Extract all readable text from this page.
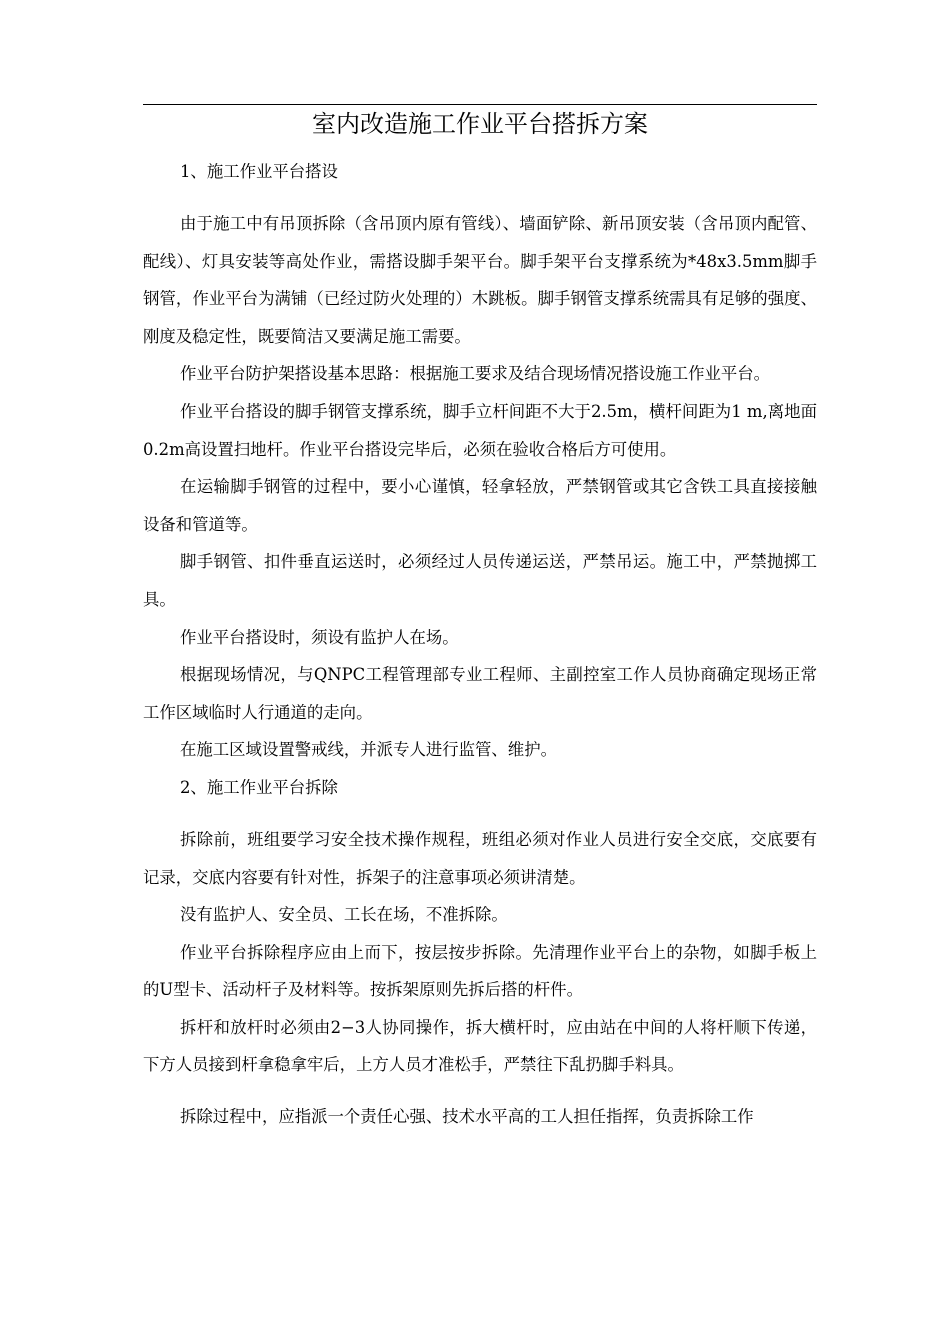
室内改造施工作业平台搭拆方案

1、施工作业平台搭设

由于施工中有吊顶拆除（含吊顶内原有管线）、墙面铲除、新吊顶安装（含吊顶内配管、配线）、灯具安装等高处作业，需搭设脚手架平台。脚手架平台支撑系统为*48x3.5mm脚手钢管，作业平台为满铺（已经过防火处理的）木跳板。脚手钢管支撑系统需具有足够的强度、刚度及稳定性，既要简洁又要满足施工需要。

作业平台防护架搭设基本思路：根据施工要求及结合现场情况搭设施工作业平台。

作业平台搭设的脚手钢管支撑系统，脚手立杆间距不大于2.5m，横杆间距为1 m,离地面0.2m高设置扫地杆。作业平台搭设完毕后，必须在验收合格后方可使用。

在运输脚手钢管的过程中，要小心谨慎，轻拿轻放，严禁钢管或其它含铁工具直接接触设备和管道等。

脚手钢管、扣件垂直运送时，必须经过人员传递运送，严禁吊运。施工中，严禁抛掷工具。

作业平台搭设时，须设有监护人在场。

根据现场情况，与QNPC工程管理部专业工程师、主副控室工作人员协商确定现场正常工作区域临时人行通道的走向。

在施工区域设置警戒线，并派专人进行监管、维护。

2、施工作业平台拆除

拆除前，班组要学习安全技术操作规程，班组必须对作业人员进行安全交底，交底要有记录，交底内容要有针对性，拆架子的注意事项必须讲清楚。

没有监护人、安全员、工长在场，不准拆除。

作业平台拆除程序应由上而下，按层按步拆除。先清理作业平台上的杂物，如脚手板上的U型卡、活动杆子及材料等。按拆架原则先拆后搭的杆件。

拆杆和放杆时必须由2−3人协同操作，拆大横杆时，应由站在中间的人将杆顺下传递，下方人员接到杆拿稳拿牢后，上方人员才准松手，严禁往下乱扔脚手料具。

拆除过程中，应指派一个责任心强、技术水平高的工人担任指挥，负责拆除工作
